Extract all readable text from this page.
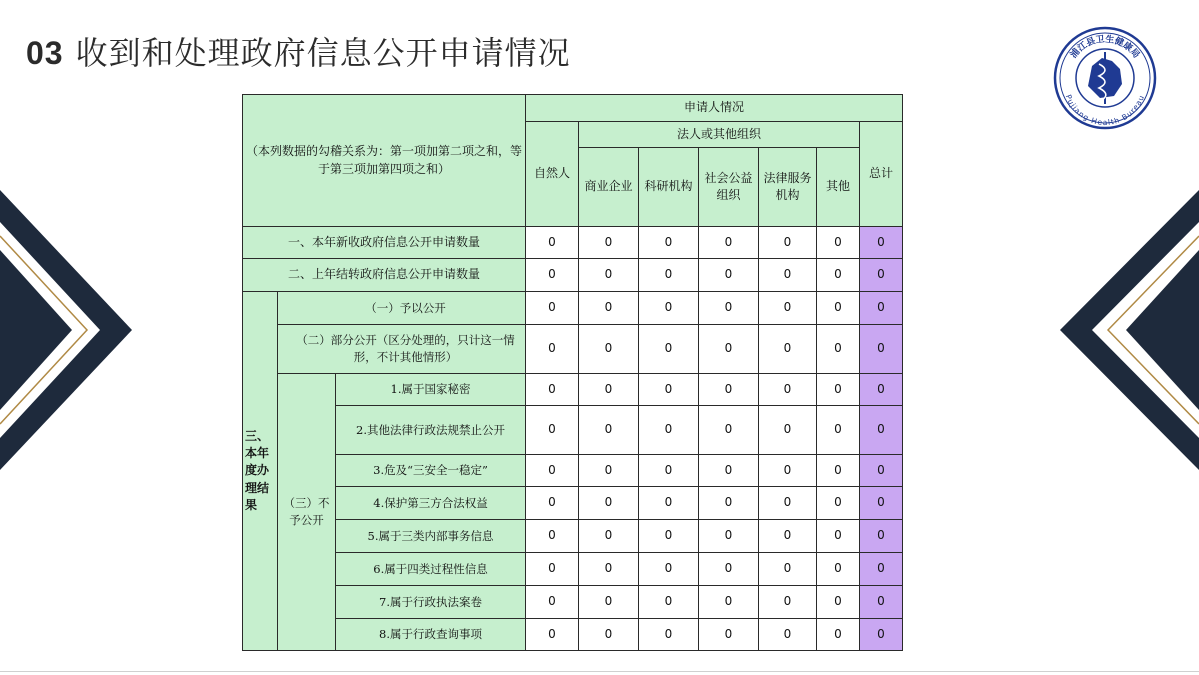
03 收到和处理政府信息公开申请情况	浦江县卫生健康局
Pujiang Health Bureau
（本列数据的勾稽关系为：第一项加第二项之和，等于第三项加第四项之和）			申请人情况						
			自然人	法人或其他组织					总计
				商业企业	科研机构	社会公益组织	法律服务机构	其他	

一、本年新收政府信息公开申请数量			0	0	0	0	0	0	0
二、上年结转政府信息公开申请数量			0	0	0	0	0	0	0
三、本年度办理结果	（一）予以公开		0	0	0	0	0	0	0
	（二）部分公开（区分处理的，只计这一情形，不计其他情形）		0	0	0	0	0	0	0
	（三）不予公开	1.属于国家秘密	0	0	0	0	0	0	0
		2.其他法律行政法规禁止公开	0	0	0	0	0	0	0
		3.危及“三安全一稳定”	0	0	0	0	0	0	0
		4.保护第三方合法权益	0	0	0	0	0	0	0
		5.属于三类内部事务信息	0	0	0	0	0	0	0
		6.属于四类过程性信息	0	0	0	0	0	0	0
		7.属于行政执法案卷	0	0	0	0	0	0	0
		8.属于行政查询事项	0	0	0	0	0	0	0
